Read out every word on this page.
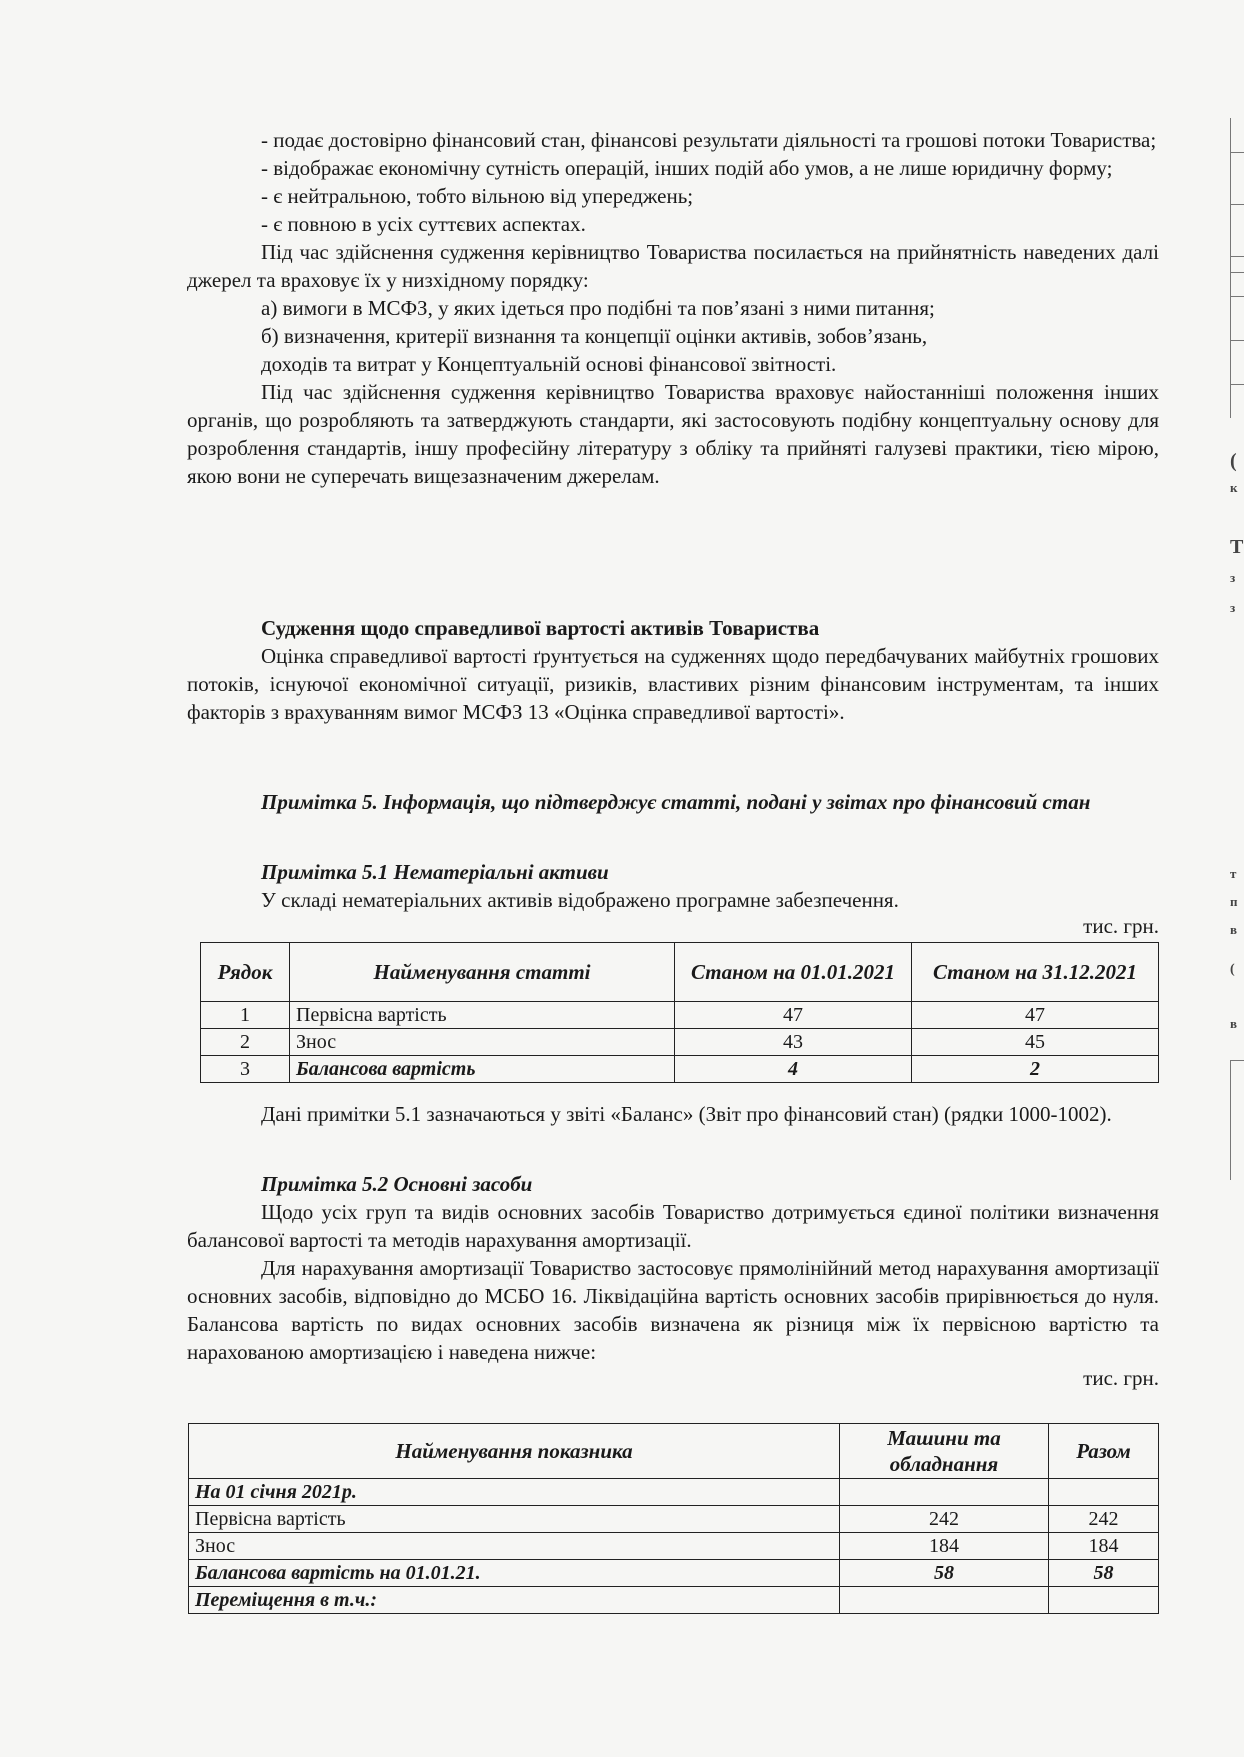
- подає достовірно фінансовий стан, фінансові результати діяльності та грошові потоки Товариства;

- відображає економічну сутність операцій, інших подій або умов, а не лише юридичну форму;

- є нейтральною, тобто вільною від упереджень;

- є повною в усіх суттєвих аспектах.

Під час здійснення судження керівництво Товариства посилається на прийнятність наведених далі джерел та враховує їх у низхідному порядку:

а) вимоги в МСФЗ, у яких ідеться про подібні та пов’язані з ними питання;

б) визначення, критерії визнання та концепції оцінки активів, зобов’язань,

доходів та витрат у Концептуальній основі фінансової звітності.

Під час здійснення судження керівництво Товариства враховує найостанніші положення інших органів, що розробляють та затверджують стандарти, які застосовують подібну концептуальну основу для розроблення стандартів, іншу професійну літературу з обліку та прийняті галузеві практики, тією мірою, якою вони не суперечать вищезазначеним джерелам.

Судження щодо справедливої вартості активів Товариства

Оцінка справедливої вартості ґрунтується на судженнях щодо передбачуваних майбутніх грошових потоків, існуючої економічної ситуації, ризиків, властивих різним фінансовим інструментам, та інших факторів з врахуванням вимог МСФЗ 13 «Оцінка справедливої вартості».

Примітка 5. Інформація, що підтверджує статті, подані у звітах про фінансовий стан

Примітка 5.1 Нематеріальні активи

У складі нематеріальних активів відображено програмне забезпечення.

тис. грн.

Рядок	Найменування статті	Станом на 01.01.2021	Станом на 31.12.2021
1	Первісна вартість	47	47
2	Знос	43	45
3	Балансова вартість	4	2

Дані примітки 5.1 зазначаються у звіті «Баланс» (Звіт про фінансовий стан) (рядки 1000-1002).

Примітка 5.2 Основні засоби

Щодо усіх груп та видів основних засобів Товариство дотримується єдиної політики визначення балансової вартості та методів нарахування амортизації.

Для нарахування амортизації Товариство застосовує прямолінійний метод нарахування амортизації основних засобів, відповідно до МСБО 16. Ліквідаційна вартість основних засобів прирівнюється до нуля. Балансова вартість по видах основних засобів визначена як різниця між їх первісною вартістю та нарахованою амортизацією і наведена нижче:

тис. грн.

Найменування показника	Машини та обладнання	Разом
На 01 січня 2021р.		
Первісна вартість	242	242
Знос	184	184
Балансова вартість на 01.01.21.	58	58
Переміщення в т.ч.:		
(
к
Т
з
з
т
п
в
(
в
